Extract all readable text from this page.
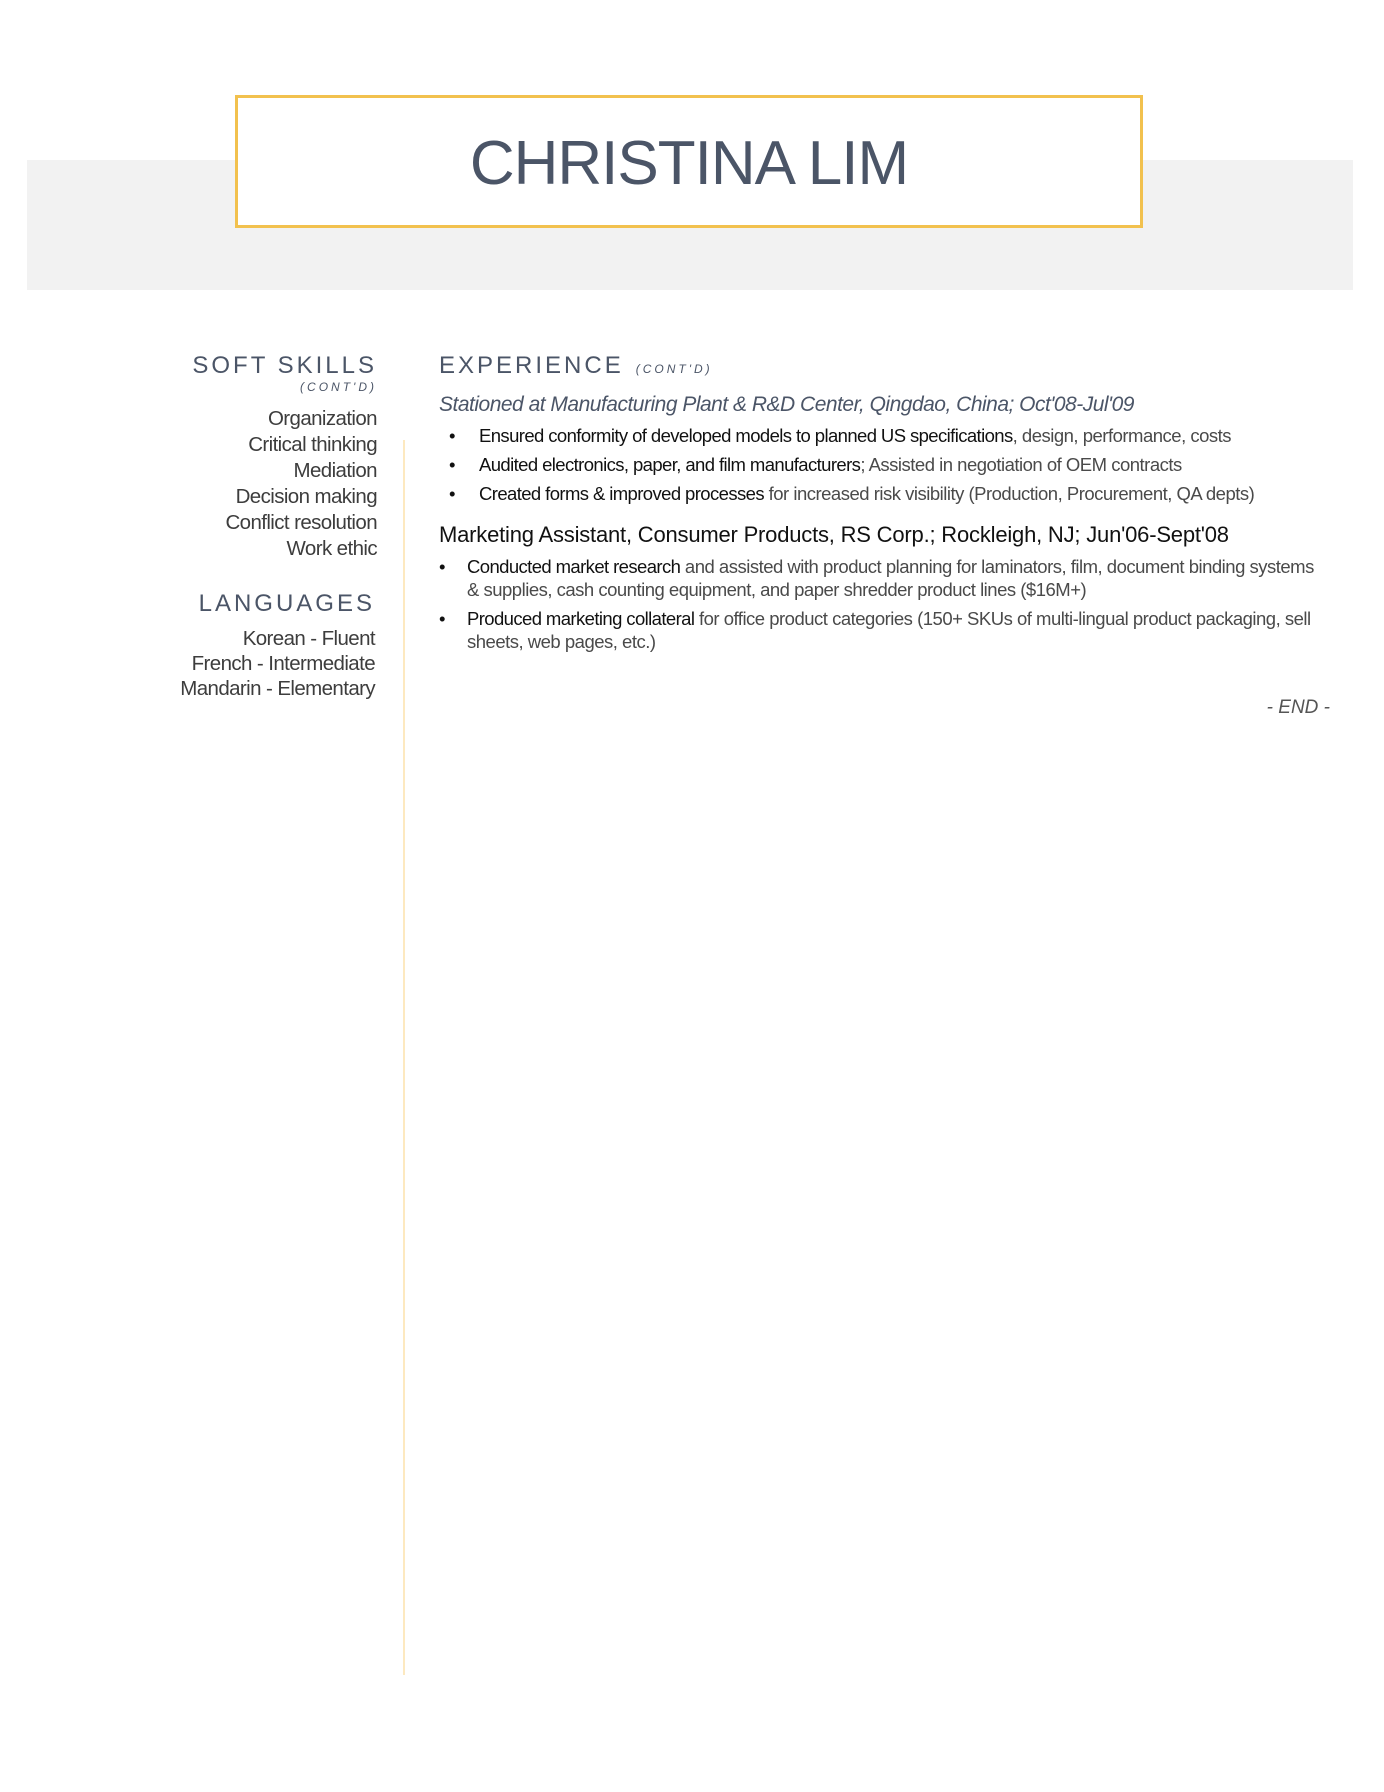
CHRISTINA LIM
SOFT SKILLS
(CONT'D)
Organization
Critical thinking
Mediation
Decision making
Conflict resolution
Work ethic
LANGUAGES
Korean - Fluent
French - Intermediate
Mandarin - Elementary
EXPERIENCE (CONT'D)
Stationed at Manufacturing Plant & R&D Center, Qingdao, China; Oct'08-Jul'09
• Ensured conformity of developed models to planned US specifications, design, performance, costs
• Audited electronics, paper, and film manufacturers; Assisted in negotiation of OEM contracts
• Created forms & improved processes for increased risk visibility (Production, Procurement, QA depts)
Marketing Assistant, Consumer Products, RS Corp.; Rockleigh, NJ; Jun'06-Sept'08
• Conducted market research and assisted with product planning for laminators, film, document binding systems & supplies, cash counting equipment, and paper shredder product lines ($16M+)
• Produced marketing collateral for office product categories (150+ SKUs of multi-lingual product packaging, sell sheets, web pages, etc.)
- END -
